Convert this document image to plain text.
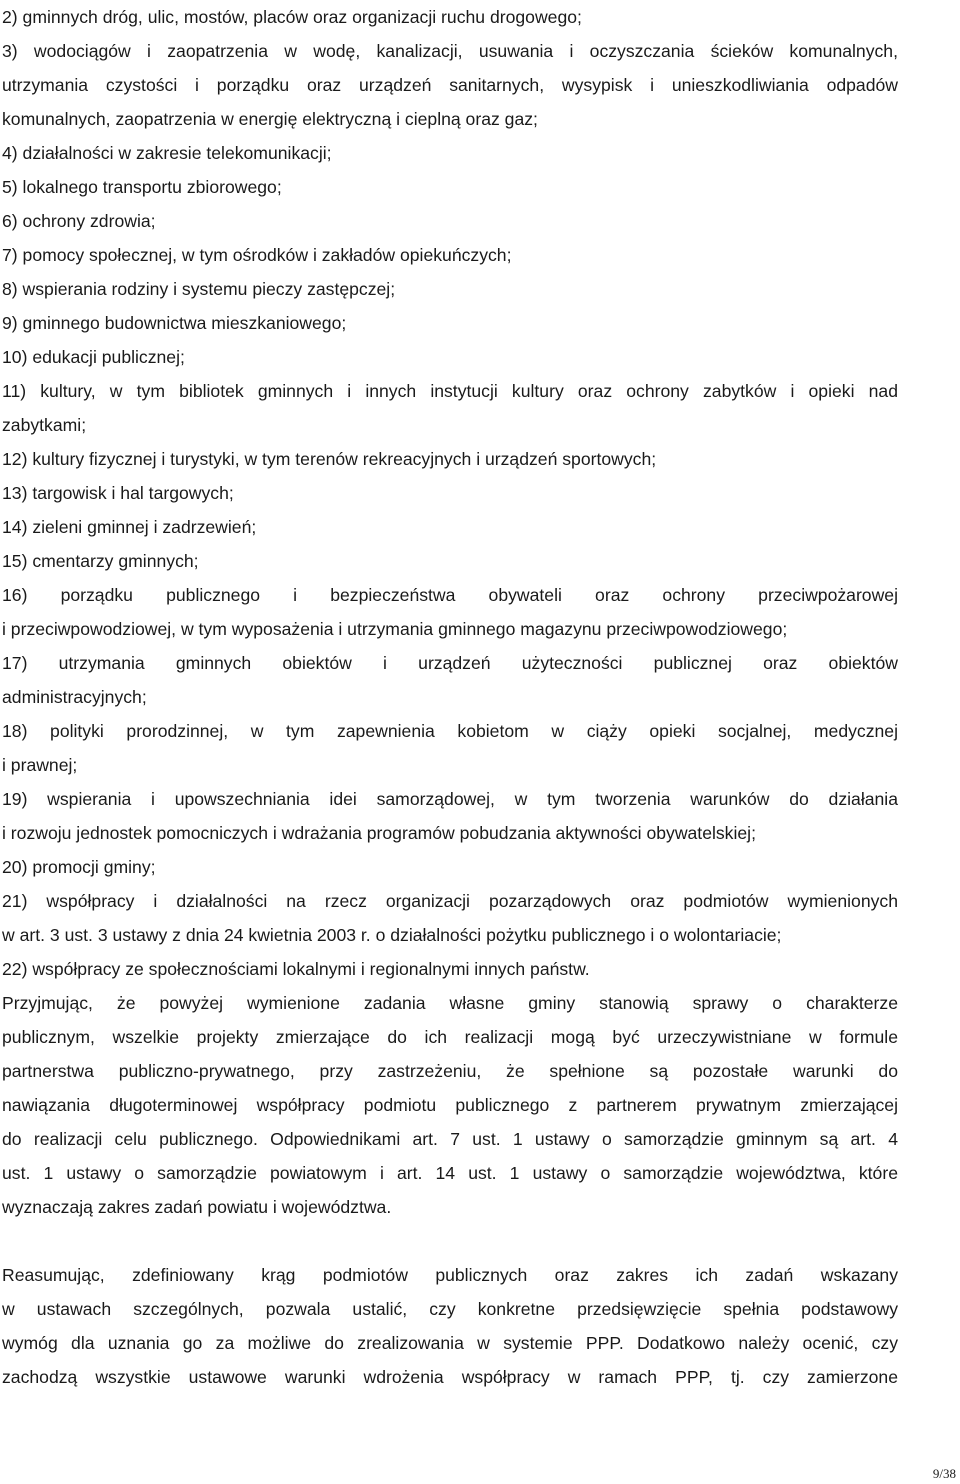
2) gminnych dróg, ulic, mostów, placów oraz organizacji ruchu drogowego;
3) wodociągów i zaopatrzenia w wodę, kanalizacji, usuwania i oczyszczania ścieków komunalnych,
utrzymania czystości i porządku oraz urządzeń sanitarnych, wysypisk i unieszkodliwiania odpadów
komunalnych, zaopatrzenia w energię elektryczną i cieplną oraz gaz;
4) działalności w zakresie telekomunikacji;
5) lokalnego transportu zbiorowego;
6) ochrony zdrowia;
7) pomocy społecznej, w tym ośrodków i zakładów opiekuńczych;
8) wspierania rodziny i systemu pieczy zastępczej;
9) gminnego budownictwa mieszkaniowego;
10) edukacji publicznej;
11) kultury, w tym bibliotek gminnych i innych instytucji kultury oraz ochrony zabytków i opieki nad
zabytkami;
12) kultury fizycznej i turystyki, w tym terenów rekreacyjnych i urządzeń sportowych;
13) targowisk i hal targowych;
14) zieleni gminnej i zadrzewień;
15) cmentarzy gminnych;
16) porządku publicznego i bezpieczeństwa obywateli oraz ochrony przeciwpożarowej
i przeciwpowodziowej, w tym wyposażenia i utrzymania gminnego magazynu przeciwpowodziowego;
17) utrzymania gminnych obiektów i urządzeń użyteczności publicznej oraz obiektów
administracyjnych;
18) polityki prorodzinnej, w tym zapewnienia kobietom w ciąży opieki socjalnej, medycznej
i prawnej;
19) wspierania i upowszechniania idei samorządowej, w tym tworzenia warunków do działania
i rozwoju jednostek pomocniczych i wdrażania programów pobudzania aktywności obywatelskiej;
20) promocji gminy;
21) współpracy i działalności na rzecz organizacji pozarządowych oraz podmiotów wymienionych
w art. 3 ust. 3 ustawy z dnia 24 kwietnia 2003 r. o działalności pożytku publicznego i o wolontariacie;
22) współpracy ze społecznościami lokalnymi i regionalnymi innych państw.
Przyjmując, że powyżej wymienione zadania własne gminy stanowią sprawy o charakterze
publicznym, wszelkie projekty zmierzające do ich realizacji mogą być urzeczywistniane w formule
partnerstwa publiczno-prywatnego, przy zastrzeżeniu, że spełnione są pozostałe warunki do
nawiązania długoterminowej współpracy podmiotu publicznego z partnerem prywatnym zmierzającej
do realizacji celu publicznego. Odpowiednikami art. 7 ust. 1 ustawy o samorządzie gminnym są art. 4
ust. 1 ustawy o samorządzie powiatowym i art. 14 ust. 1 ustawy o samorządzie województwa, które
wyznaczają zakres zadań powiatu i województwa.
Reasumując, zdefiniowany krąg podmiotów publicznych oraz zakres ich zadań wskazany
w ustawach szczególnych, pozwala ustalić, czy konkretne przedsięwzięcie spełnia podstawowy
wymóg dla uznania go za możliwe do zrealizowania w systemie PPP. Dodatkowo należy ocenić, czy
zachodzą wszystkie ustawowe warunki wdrożenia współpracy w ramach PPP, tj. czy zamierzone
9/38
